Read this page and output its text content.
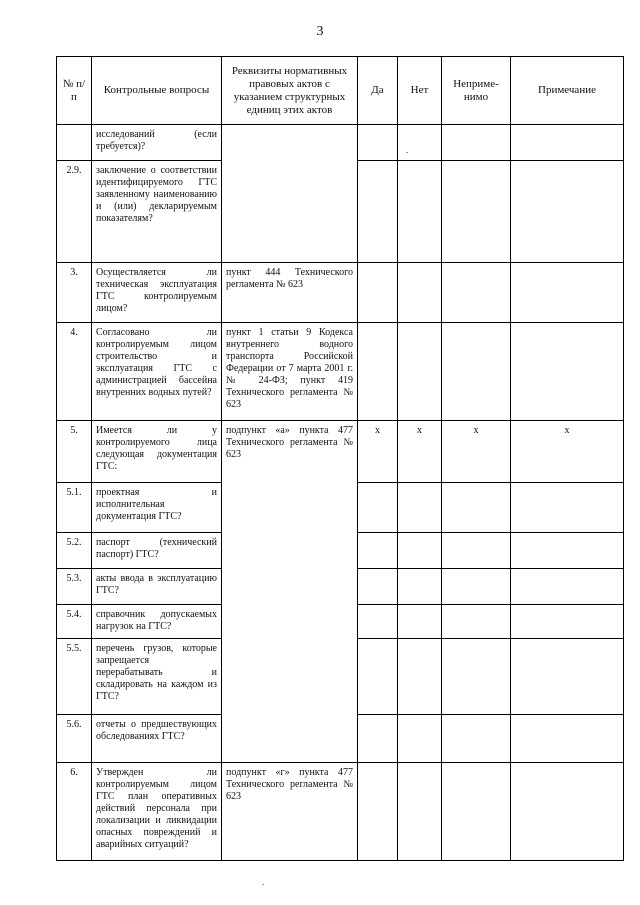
3
№ п/п	Контрольные вопросы	Реквизиты нормативных правовых актов с указанием структурных единиц этих актов	Да	Нет	Неприме-нимо	Примечание
	исследований (если требуется)?					
2.9.	заключение о соответствии идентифицируемого ГТС заявленному наименованию и (или) декларируемым показателям?					
3.	Осуществляется ли техническая эксплуатация ГТС контролируемым лицом?	пункт 444 Технического регламента № 623				
4.	Согласовано ли контролируемым лицом строительство и эксплуатация ГТС с администрацией бассейна внутренних водных путей?	пункт 1 статьи 9 Кодекса внутреннего водного транспорта Российской Федерации от 7 марта 2001 г. № 24-ФЗ; пункт 419 Технического регламента № 623				
5.	Имеется ли у контролируемого лица следующая документация ГТС:	подпункт «а» пункта 477 Технического регламента № 623	x	x	x	x
5.1.	проектная и исполнительная документация ГТС?					
5.2.	паспорт (технический паспорт) ГТС?					
5.3.	акты ввода в эксплуатацию ГТС?					
5.4.	справочник допускаемых нагрузок на ГТС?					
5.5.	перечень грузов, которые запрещается перерабатывать и складировать на каждом из ГТС?					
5.6.	отчеты о предшествующих обследованиях ГТС?					
6.	Утвержден ли контролируемым лицом ГТС план оперативных действий персонала при локализации и ликвидации опасных повреждений и аварийных ситуаций?	подпункт «г» пункта 477 Технического регламента № 623				
